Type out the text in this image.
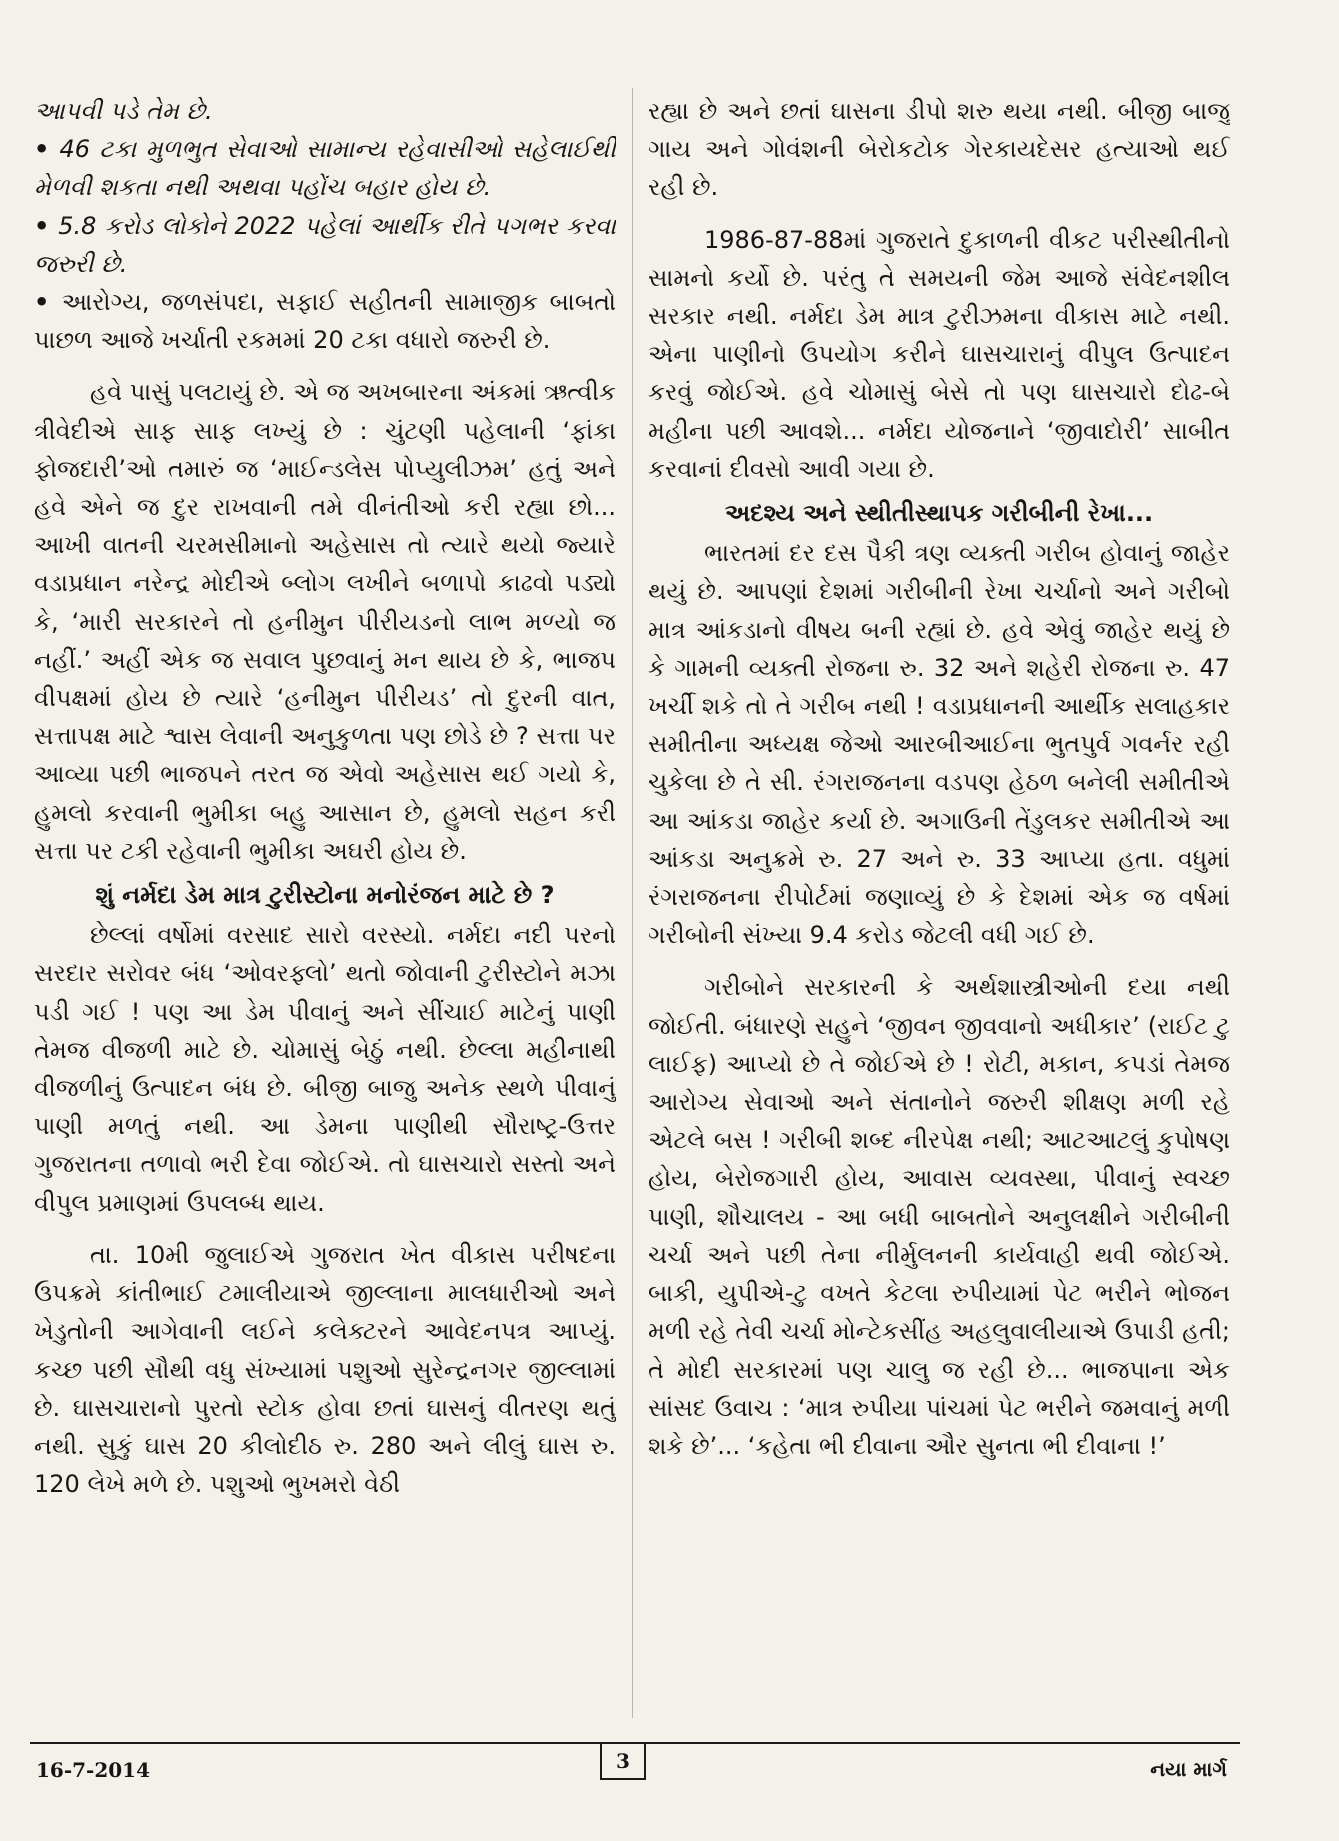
આપવી પડે તેમ છે.

• 46 ટકા મુળભુત સેવાઓ સામાન્ય રહેવાસીઓ સહેલાઈથી મેળવી શકતા નથી અથવા પહોંચ બહાર હોય છે.

• 5.8 કરોડ લોકોને 2022 પહેલાં આર્થીક રીતે પગભર કરવા જરુરી છે.

• આરોગ્ય, જળસંપદા, સફાઈ સહીતની સામાજીક બાબતો પાછળ આજે ખર્ચાતી રકમમાં 20 ટકા વધારો જરુરી છે.

હવે પાસું પલટાયું છે. એ જ અખબારના અંકમાં ઋત્વીક ત્રીવેદીએ સાફ સાફ લખ્યું છે : ચુંટણી પહેલાની ‘ફાંકા ફોજદારી’ઓ તમારું જ ‘માઈન્ડલેસ પોપ્યુલીઝમ’ હતું અને હવે એને જ દુર રાખવાની તમે વીનંતીઓ કરી રહ્યા છો... આખી વાતની ચરમસીમાનો અહેસાસ તો ત્યારે થયો જ્યારે વડાપ્રધાન નરેન્દ્ર મોદીએ બ્લોગ લખીને બળાપો કાઢવો પડ્યો કે, ‘મારી સરકારને તો હનીમુન પીરીયડનો લાભ મળ્યો જ નહીં.’ અહીં એક જ સવાલ પુછવાનું મન થાય છે કે, ભાજપ વીપક્ષમાં હોય છે ત્યારે ‘હનીમુન પીરીયડ’ તો દુરની વાત, સત્તાપક્ષ માટે શ્વાસ લેવાની અનુકુળતા પણ છોડે છે ? સત્તા પર આવ્યા પછી ભાજપને તરત જ એવો અહેસાસ થઈ ગયો કે, હુમલો કરવાની ભુમીકા બહુ આસાન છે, હુમલો સહન કરી સત્તા પર ટકી રહેવાની ભુમીકા અઘરી હોય છે.

શું નર્મદા ડેમ માત્ર ટુરીસ્ટોના મનોરંજન માટે છે ?

છેલ્લાં વર્ષોમાં વરસાદ સારો વરસ્યો. નર્મદા નદી પરનો સરદાર સરોવર બંધ ‘ઓવરફ્લો’ થતો જોવાની ટુરીસ્ટોને મઝા પડી ગઈ ! પણ આ ડેમ પીવાનું અને સીંચાઈ માટેનું પાણી તેમજ વીજળી માટે છે. ચોમાસું બેઠું નથી. છેલ્લા મહીનાથી વીજળીનું ઉત્પાદન બંધ છે. બીજી બાજુ અનેક સ્થળે પીવાનું પાણી મળતું નથી. આ ડેમના પાણીથી સૌરાષ્ટ્ર-ઉત્તર ગુજરાતના તળાવો ભરી દેવા જોઈએ. તો ઘાસચારો સસ્તો અને વીપુલ પ્રમાણમાં ઉપલબ્ધ થાય.

તા. 10મી જુલાઈએ ગુજરાત ખેત વીકાસ પરીષદના ઉપક્રમે કાંતીભાઈ ટમાલીયાએ જીલ્લાના માલધારીઓ અને ખેડુતોની આગેવાની લઈને કલેક્ટરને આવેદનપત્ર આપ્યું. કચ્છ પછી સૌથી વધુ સંખ્યામાં પશુઓ સુરેન્દ્રનગર જીલ્લામાં છે. ઘાસચારાનો પુરતો સ્ટોક હોવા છતાં ઘાસનું વીતરણ થતું નથી. સુકું ઘાસ 20 કીલોદીઠ રુ. 280 અને લીલું ઘાસ રુ. 120 લેખે મળે છે. પશુઓ ભુખમરો વેઠી

રહ્યા છે અને છતાં ઘાસના ડીપો શરુ થયા નથી. બીજી બાજુ ગાય અને ગોવંશની બેરોકટોક ગેરકાયદેસર હત્યાઓ થઈ રહી છે.

1986-87-88માં ગુજરાતે દુકાળની વીકટ પરીસ્થીતીનો સામનો કર્યો છે. પરંતુ તે સમયની જેમ આજે સંવેદનશીલ સરકાર નથી. નર્મદા ડેમ માત્ર ટુરીઝમના વીકાસ માટે નથી. એના પાણીનો ઉપયોગ કરીને ઘાસચારાનું વીપુલ ઉત્પાદન કરવું જોઈએ. હવે ચોમાસું બેસે તો પણ ઘાસચારો દોઢ-બે મહીના પછી આવશે... નર્મદા યોજનાને ‘જીવાદોરી’ સાબીત કરવાનાં દીવસો આવી ગયા છે.

અદશ્ય અને સ્થીતીસ્થાપક ગરીબીની રેખા...

ભારતમાં દર દસ પૈકી ત્રણ વ્યક્તી ગરીબ હોવાનું જાહેર થયું છે. આપણાં દેશમાં ગરીબીની રેખા ચર્ચાનો અને ગરીબો માત્ર આંકડાનો વીષય બની રહ્યાં છે. હવે એવું જાહેર થયું છે કે ગામની વ્યક્તી રોજના રુ. 32 અને શહેરી રોજના રુ. 47 ખર્ચી શકે તો તે ગરીબ નથી ! વડાપ્રધાનની આર્થીક સલાહકાર સમીતીના અધ્યક્ષ જેઓ આરબીઆઈના ભુતપુર્વ ગવર્નર રહી ચુકેલા છે તે સી. રંગરાજનના વડપણ હેઠળ બનેલી સમીતીએ આ આંકડા જાહેર કર્યા છે. અગાઉની તેંડુલકર સમીતીએ આ આંકડા અનુક્રમે રુ. 27 અને રુ. 33 આપ્યા હતા. વધુમાં રંગરાજનના રીપોર્ટમાં જણાવ્યું છે કે દેશમાં એક જ વર્ષમાં ગરીબોની સંખ્યા 9.4 કરોડ જેટલી વધી ગઈ છે.

ગરીબોને સરકારની કે અર્થશાસ્ત્રીઓની દયા નથી જોઈતી. બંધારણે સહુને ‘જીવન જીવવાનો અધીકાર’ (રાઈટ ટુ લાઈફ) આપ્યો છે તે જોઈએ છે ! રોટી, મકાન, કપડાં તેમજ આરોગ્ય સેવાઓ અને સંતાનોને જરુરી શીક્ષણ મળી રહે એટલે બસ ! ગરીબી શબ્દ નીરપેક્ષ નથી; આટઆટલું કુપોષણ હોય, બેરોજગારી હોય, આવાસ વ્યવસ્થા, પીવાનું સ્વચ્છ પાણી, શૌચાલય - આ બધી બાબતોને અનુલક્ષીને ગરીબીની ચર્ચા અને પછી તેના નીર્મુલનની કાર્યવાહી થવી જોઈએ. બાકી, યુપીએ-ટુ વખતે કેટલા રુપીયામાં પેટ ભરીને ભોજન મળી રહે તેવી ચર્ચા મોન્ટેકસીંહ અહલુવાલીયાએ ઉપાડી હતી; તે મોદી સરકારમાં પણ ચાલુ જ રહી છે... ભાજપાના એક સાંસદ ઉવાચ : ‘માત્ર રુપીયા પાંચમાં પેટ ભરીને જમવાનું મળી શકે છે’... ‘કહેતા ભી દીવાના ઔર સુનતા ભી દીવાના !’

16-7-2014	3	નયા માર્ગ
